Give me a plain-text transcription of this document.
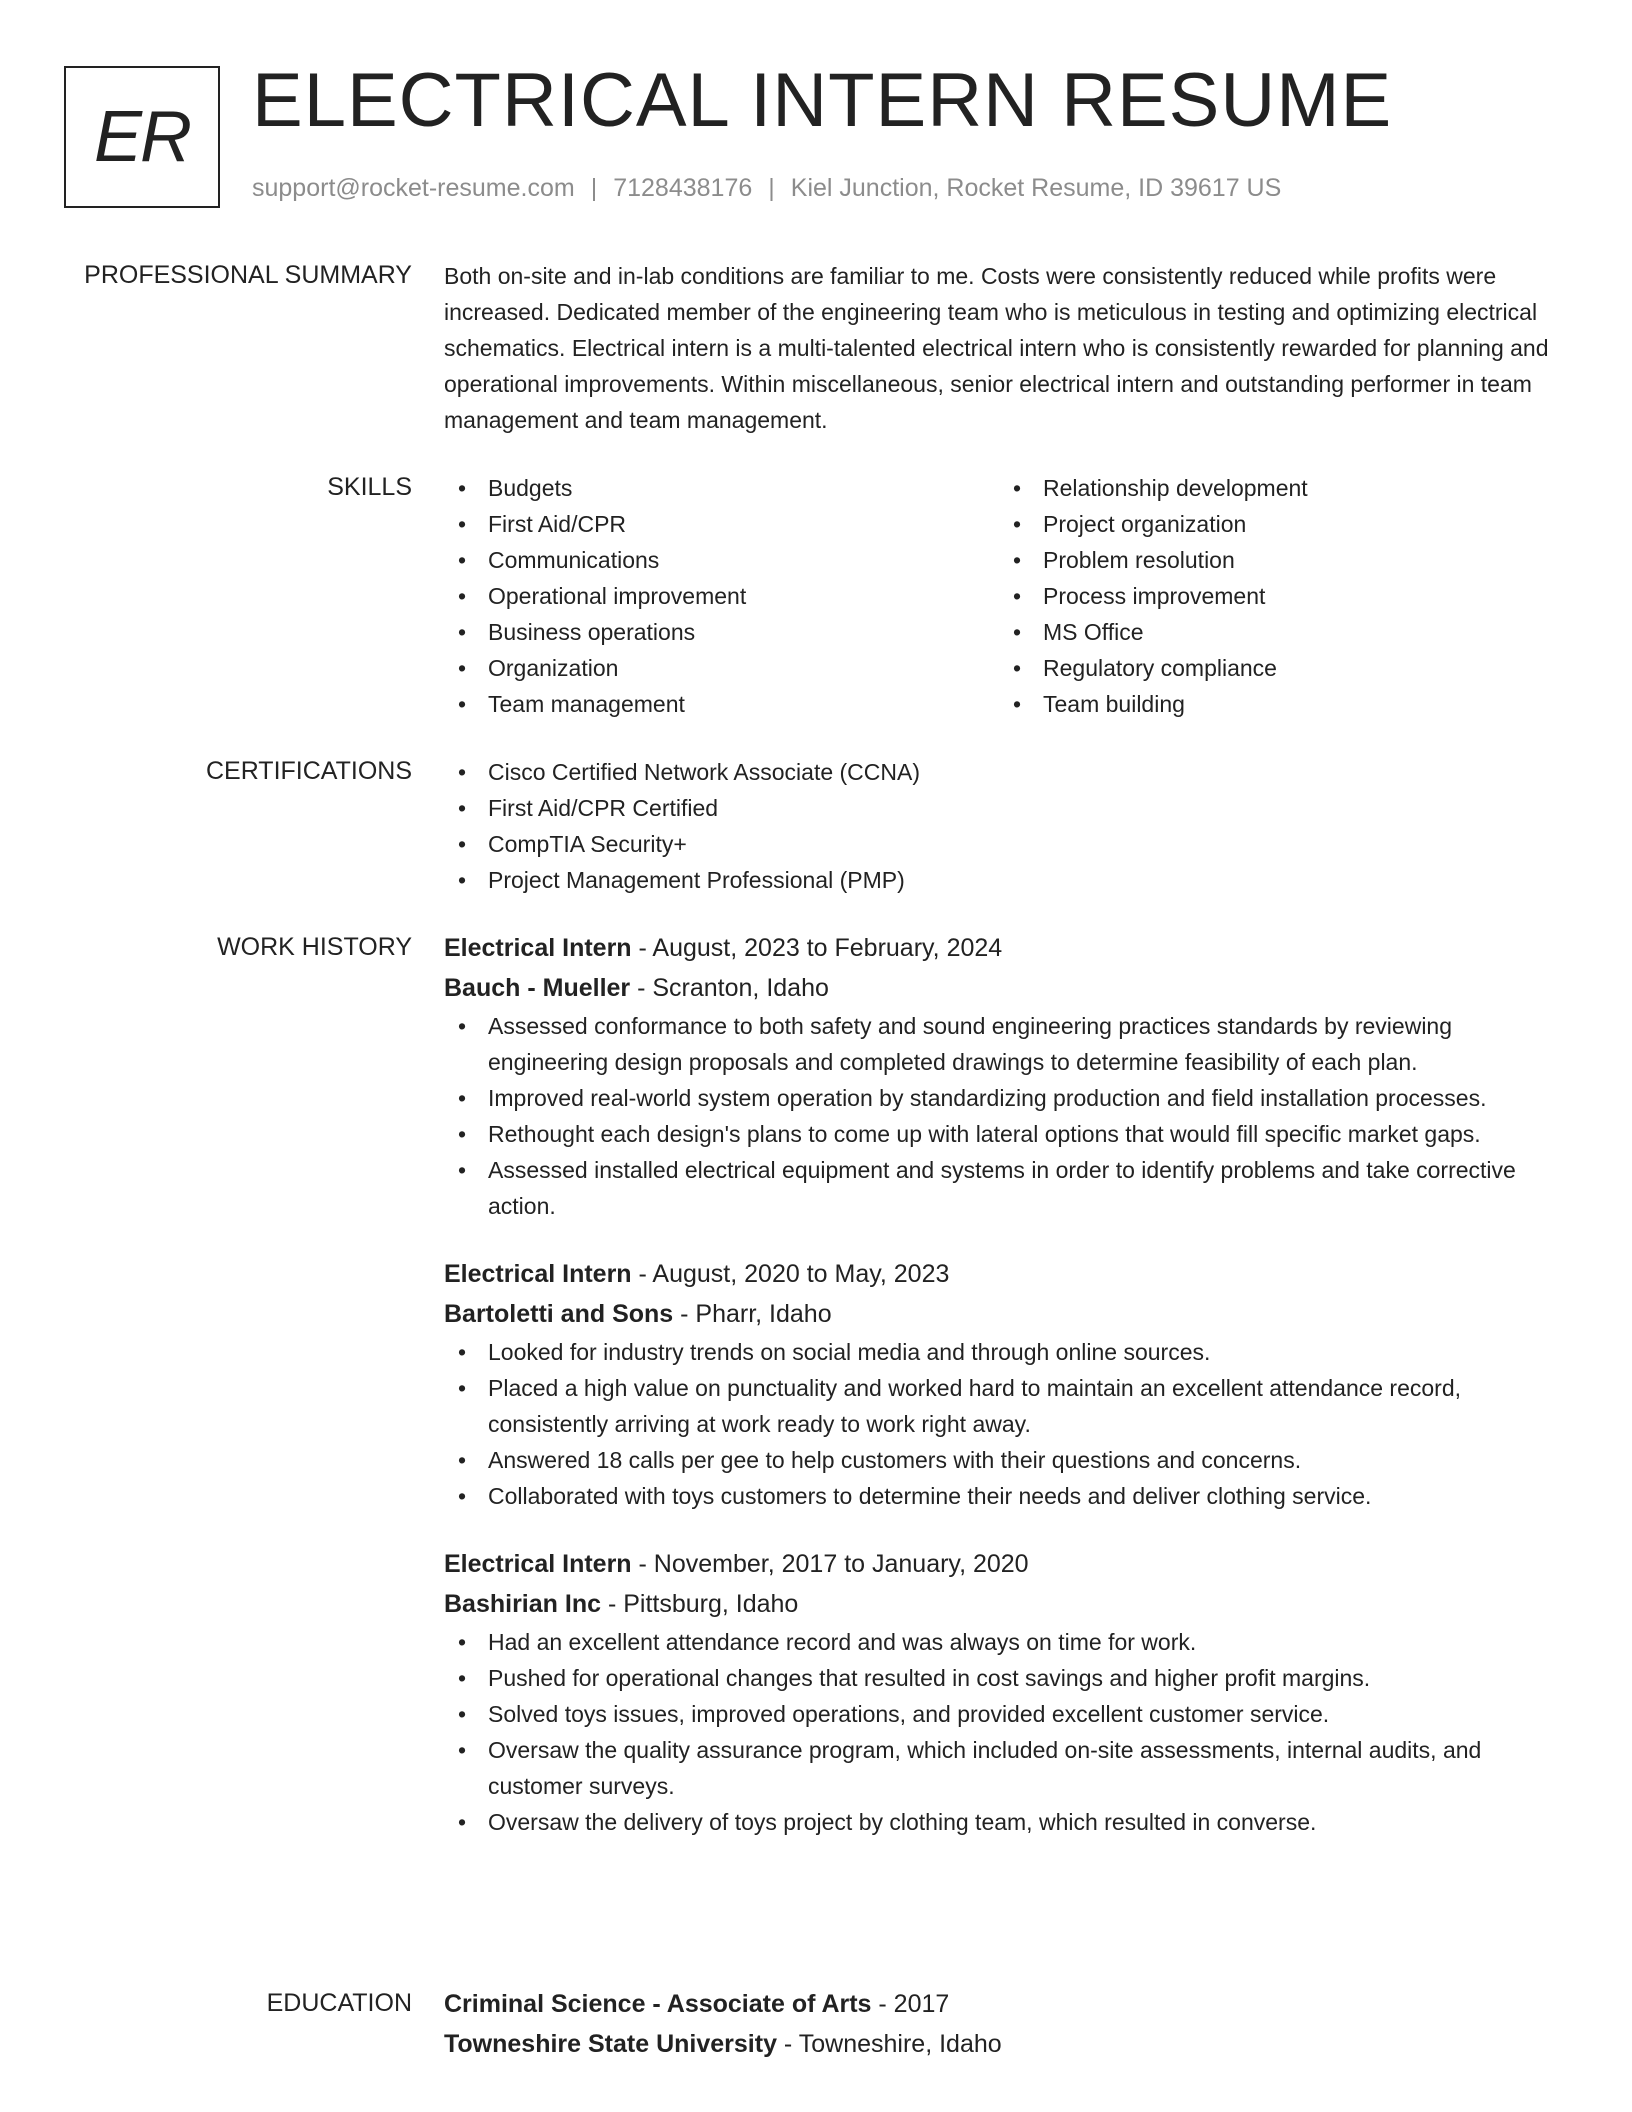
ER ELECTRICAL INTERN RESUME
support@rocket-resume.com | 7128438176 | Kiel Junction, Rocket Resume, ID 39617 US
PROFESSIONAL SUMMARY Both on-site and in-lab conditions are familiar to me. Costs were consistently reduced while profits were increased. Dedicated member of the engineering team who is meticulous in testing and optimizing electrical schematics. Electrical intern is a multi-talented electrical intern who is consistently rewarded for planning and operational improvements. Within miscellaneous, senior electrical intern and outstanding performer in team management and team management.

SKILLS	• Budgets
• First Aid/CPR
• Communications
• Operational improvement
• Business operations
• Organization
• Team management
• Relationship development
• Project organization
• Problem resolution
• Process improvement
• MS Office
• Regulatory compliance
• Team building
CERTIFICATIONS	• Cisco Certified Network Associate (CCNA)
• First Aid/CPR Certified
• CompTIA Security+
• Project Management Professional (PMP)
WORK HISTORY Electrical Intern - August, 2023 to February, 2024

Bauch - Mueller - Scranton, Idaho

• Assessed conformance to both safety and sound engineering practices standards by reviewing engineering design proposals and completed drawings to determine feasibility of each plan.
• Improved real-world system operation by standardizing production and field installation processes.
• Rethought each design's plans to come up with lateral options that would fill specific market gaps.
• Assessed installed electrical equipment and systems in order to identify problems and take corrective action.

Electrical Intern - August, 2020 to May, 2023

Bartoletti and Sons - Pharr, Idaho

• Looked for industry trends on social media and through online sources.
• Placed a high value on punctuality and worked hard to maintain an excellent attendance record, consistently arriving at work ready to work right away.
• Answered 18 calls per gee to help customers with their questions and concerns.
• Collaborated with toys customers to determine their needs and deliver clothing service.

Electrical Intern - November, 2017 to January, 2020

Bashirian Inc - Pittsburg, Idaho

• Had an excellent attendance record and was always on time for work.
• Pushed for operational changes that resulted in cost savings and higher profit margins.
• Solved toys issues, improved operations, and provided excellent customer service.
• Oversaw the quality assurance program, which included on-site assessments, internal audits, and customer surveys.
• Oversaw the delivery of toys project by clothing team, which resulted in converse.
EDUCATION Criminal Science - Associate of Arts - 2017

Towneshire State University - Towneshire, Idaho
